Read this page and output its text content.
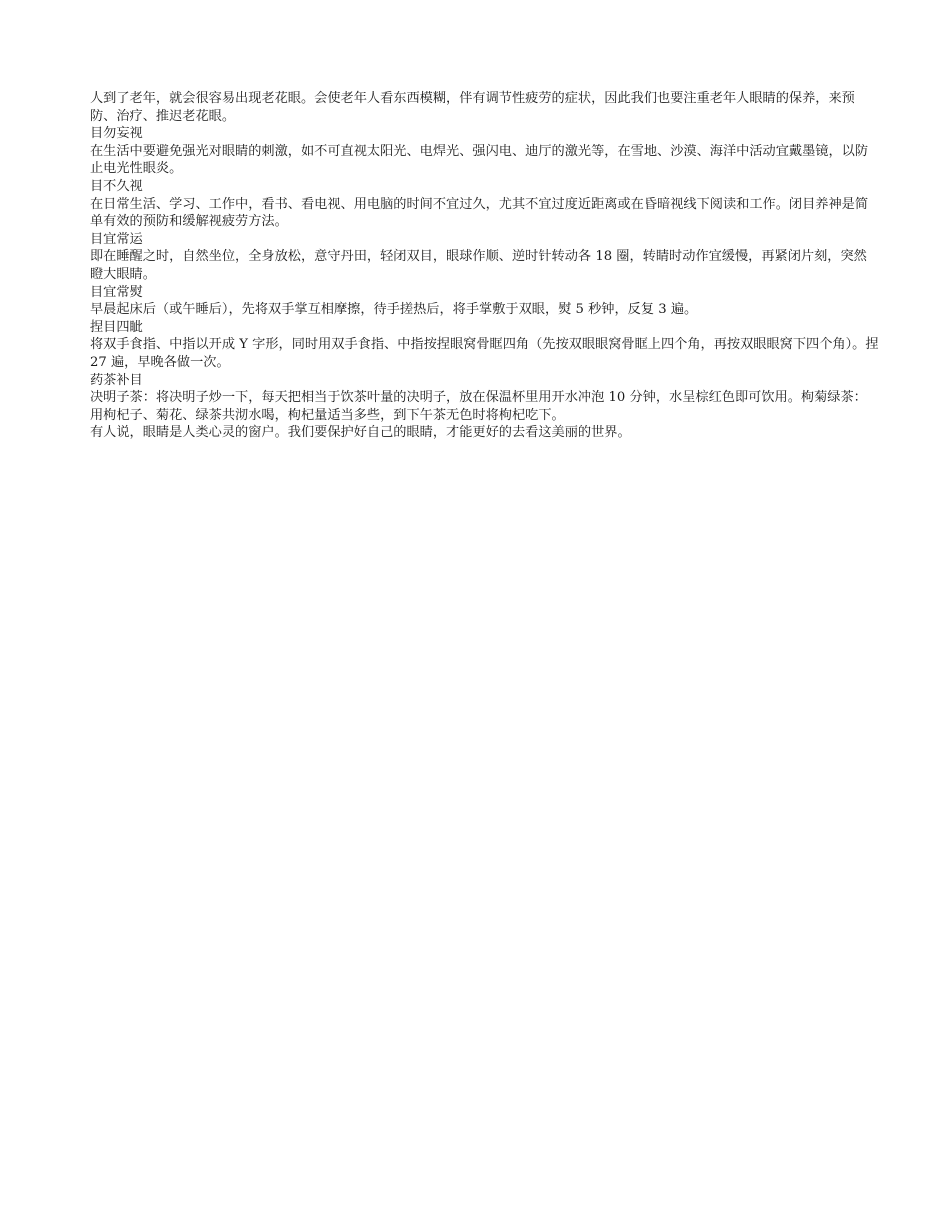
人到了老年，就会很容易出现老花眼。会使老年人看东西模糊，伴有调节性疲劳的症状，因此我们也要注重老年人眼睛的保养，来预防、治疗、推迟老花眼。

目勿妄视

在生活中要避免强光对眼睛的刺激，如不可直视太阳光、电焊光、强闪电、迪厅的激光等，在雪地、沙漠、海洋中活动宜戴墨镜，以防止电光性眼炎。

目不久视

在日常生活、学习、工作中，看书、看电视、用电脑的时间不宜过久，尤其不宜过度近距离或在昏暗视线下阅读和工作。闭目养神是简单有效的预防和缓解视疲劳方法。

目宜常运

即在睡醒之时，自然坐位，全身放松，意守丹田，轻闭双目，眼球作顺、逆时针转动各 18 圈，转睛时动作宜缓慢，再紧闭片刻，突然瞪大眼睛。

目宜常熨

早晨起床后（或午睡后），先将双手掌互相摩擦，待手搓热后，将手掌敷于双眼，熨 5 秒钟，反复 3 遍。

捏目四眦

将双手食指、中指以开成 Y 字形，同时用双手食指、中指按捏眼窝骨眶四角（先按双眼眼窝骨眶上四个角，再按双眼眼窝下四个角）。捏 27 遍，早晚各做一次。

药茶补目

决明子茶：将决明子炒一下，每天把相当于饮茶叶量的决明子，放在保温杯里用开水冲泡 10 分钟，水呈棕红色即可饮用。枸菊绿茶：用枸杞子、菊花、绿茶共沏水喝，枸杞量适当多些，到下午茶无色时将枸杞吃下。

有人说，眼睛是人类心灵的窗户。我们要保护好自己的眼睛，才能更好的去看这美丽的世界。
